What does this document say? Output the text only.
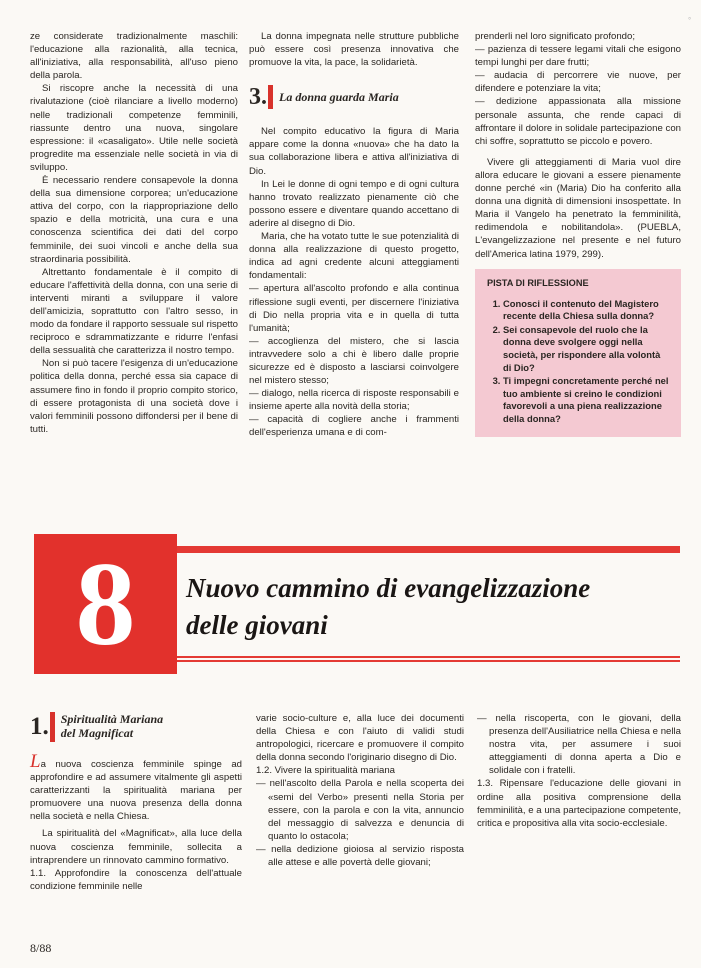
ze considerate tradizionalmente maschili: l'educazione alla razionalità, alla tecnica, all'iniziativa, alla responsabilità, all'uso pieno della parola.

Si riscopre anche la necessità di una rivalutazione (cioè rilanciare a livello moderno) nelle tradizionali competenze femminili, riassunte dentro una nuova, singolare espressione: il «casaligato». Utile nelle società progredite ma essenziale nelle società in via di sviluppo.

È necessario rendere consapevole la donna della sua dimensione corporea; un'educazione attiva del corpo, con la riappropriazione dello spazio e della motricità, una cura e una conoscenza scientifica dei dati del corpo femminile, dei suoi vincoli e anche della sua straordinaria possibilità.

Altrettanto fondamentale è il compito di educare l'affettività della donna, con una serie di interventi miranti a sviluppare il valore dell'amicizia, soprattutto con l'altro sesso, in modo da fondare il rapporto sessuale sul rispetto reciproco e sdrammatizzante e ridurre l'enfasi della sessualità che caratterizza il nostro tempo.

Non si può tacere l'esigenza di un'educazione politica della donna, perché essa sia capace di assumere fino in fondo il proprio compito storico, di essere protagonista di una società dove i valori femminili possono diffondersi per il bene di tutti.

La donna impegnata nelle strutture pubbliche può essere così presenza innovativa che promuove la vita, la pace, la solidarietà.

3. La donna guarda Maria

Nel compito educativo la figura di Maria appare come la donna «nuova» che ha dato la sua collaborazione libera e attiva all'iniziativa di Dio.

In Lei le donne di ogni tempo e di ogni cultura hanno trovato realizzato pienamente ciò che possono essere e diventare quando accettano di aderire al disegno di Dio.

Maria, che ha votato tutte le sue potenzialità di donna alla realizzazione di questo progetto, indica ad agni credente alcuni atteggiamenti fondamentali:

— apertura all'ascolto profondo e alla continua riflessione sugli eventi, per discernere l'iniziativa di Dio nella propria vita e in quella di tutta l'umanità;

— accoglienza del mistero, che si lascia intravvedere solo a chi è libero dalle proprie sicurezze ed è disposto a lasciarsi coinvolgere nel mistero stesso;

— dialogo, nella ricerca di risposte responsabili e insieme aperte alla novità della storia;

— capacità di cogliere anche i frammenti dell'esperienza umana e di com-

prenderli nel loro significato profondo;

— pazienza di tessere legami vitali che esigono tempi lunghi per dare frutti;

— audacia di percorrere vie nuove, per difendere e potenziare la vita;

— dedizione appassionata alla missione personale assunta, che rende capaci di affrontare il dolore in solidale partecipazione con chi soffre, soprattutto se piccolo e povero.

Vivere gli atteggiamenti di Maria vuol dire allora educare le giovani a essere pienamente donne perché «in (Maria) Dio ha conferito alla donna una dignità di dimensioni insospettate. In Maria il Vangelo ha penetrato la femminilità, redimendola e nobilitandola». (PUEBLA, L'evangelizzazione nel presente e nel futuro dell'America latina 1979, 299).

PISTA DI RIFLESSIONE
1. Conosci il contenuto del Magistero recente della Chiesa sulla donna?
2. Sei consapevole del ruolo che la donna deve svolgere oggi nella società, per rispondere alla volontà di Dio?
3. Ti impegni concretamente perché nel tuo ambiente si creino le condizioni favorevoli a una piena realizzazione della donna?
8	Nuovo cammino di evangelizzazione
delle giovani
1. Spiritualità Mariana
del Magnificat

La nuova coscienza femminile spinge ad approfondire e ad assumere vitalmente gli aspetti caratterizzanti la spiritualità mariana per promuovere una nuova presenza della donna nella società e nella Chiesa.

La spiritualità del «Magnificat», alla luce della nuova coscienza femminile, sollecita a intraprendere un rinnovato cammino formativo.

1.1. Approfondire la conoscenza dell'attuale condizione femminile nelle

varie socio-culture e, alla luce dei documenti della Chiesa e con l'aiuto di validi studi antropologici, ricercare e promuovere il compito della donna secondo l'originario disegno di Dio.

1.2. Vivere la spiritualità mariana

— nell'ascolto della Parola e nella scoperta dei «semi del Verbo» presenti nella Storia per essere, con la parola e con la vita, annuncio del messaggio di salvezza e denuncia di quanto lo ostacola;

— nella dedizione gioiosa al servizio risposta alle attese e alle povertà delle giovani;

— nella riscoperta, con le giovani, della presenza dell'Ausiliatrice nella Chiesa e nella nostra vita, per assumere i suoi atteggiamenti di donna aperta a Dio e solidale con i fratelli.

1.3. Ripensare l'educazione delle giovani in ordine alla positiva comprensione della femminilità, e a una partecipazione competente, critica e propositiva alla vita socio-ecclesiale.

8/88
°
